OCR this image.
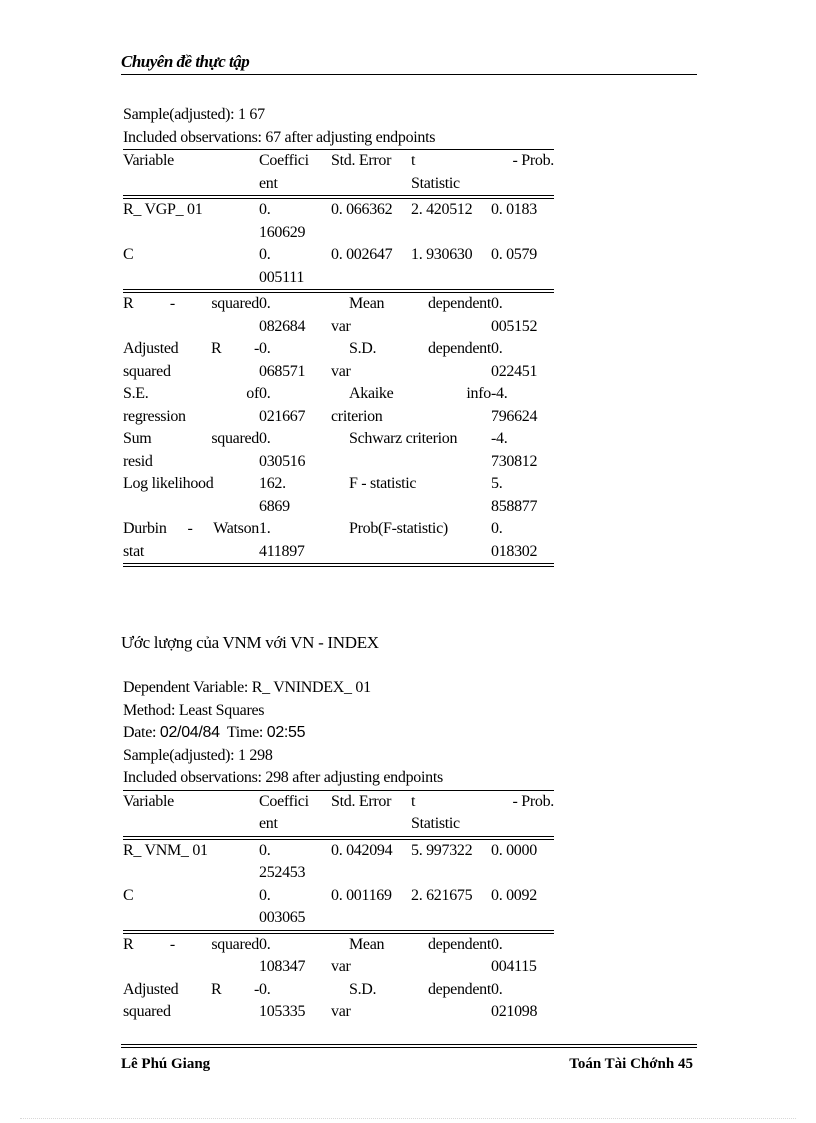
Chuyên đề thực tập
Sample(adjusted): 1 67
Included observations: 67 after adjusting endpoints
Variable	Coeffici	Std. Error	t	- Prob.
	ent		Statistic	
R_ VGP_ 01	0.	0. 066362	2. 420512	0. 0183
	160629			
C	0.	0. 002647	1. 930630	0. 0579
	005111			
R - squared	0.	Mean dependent		0.
	082684	var		005152
Adjusted R -	0.	S.D. dependent		0.
squared	068571	var		022451
S.E. of	0.	Akaike info		-4.
regression	021667	criterion		796624
Sum squared	0.	Schwarz criterion		-4.
resid	030516			730812
Log likelihood	162.	F - statistic		5.
	6869			858877
Durbin - Watson	1.	Prob(F-statistic)		0.
stat	411897			018302
Ước lượng của VNM với VN - INDEX
Dependent Variable: R_ VNINDEX_ 01
Method: Least Squares
Date: 02/04/84  Time: 02:55
Sample(adjusted): 1 298
Included observations: 298 after adjusting endpoints
Variable	Coeffici	Std. Error	t	- Prob.
	ent		Statistic	
R_ VNM_ 01	0.	0. 042094	5. 997322	0. 0000
	252453			
C	0.	0. 001169	2. 621675	0. 0092
	003065			
R - squared	0.	Mean dependent		0.
	108347	var		004115
Adjusted R -	0.	S.D. dependent		0.
squared	105335	var		021098
Lê Phú Giang	Toán Tài Chớnh 45
